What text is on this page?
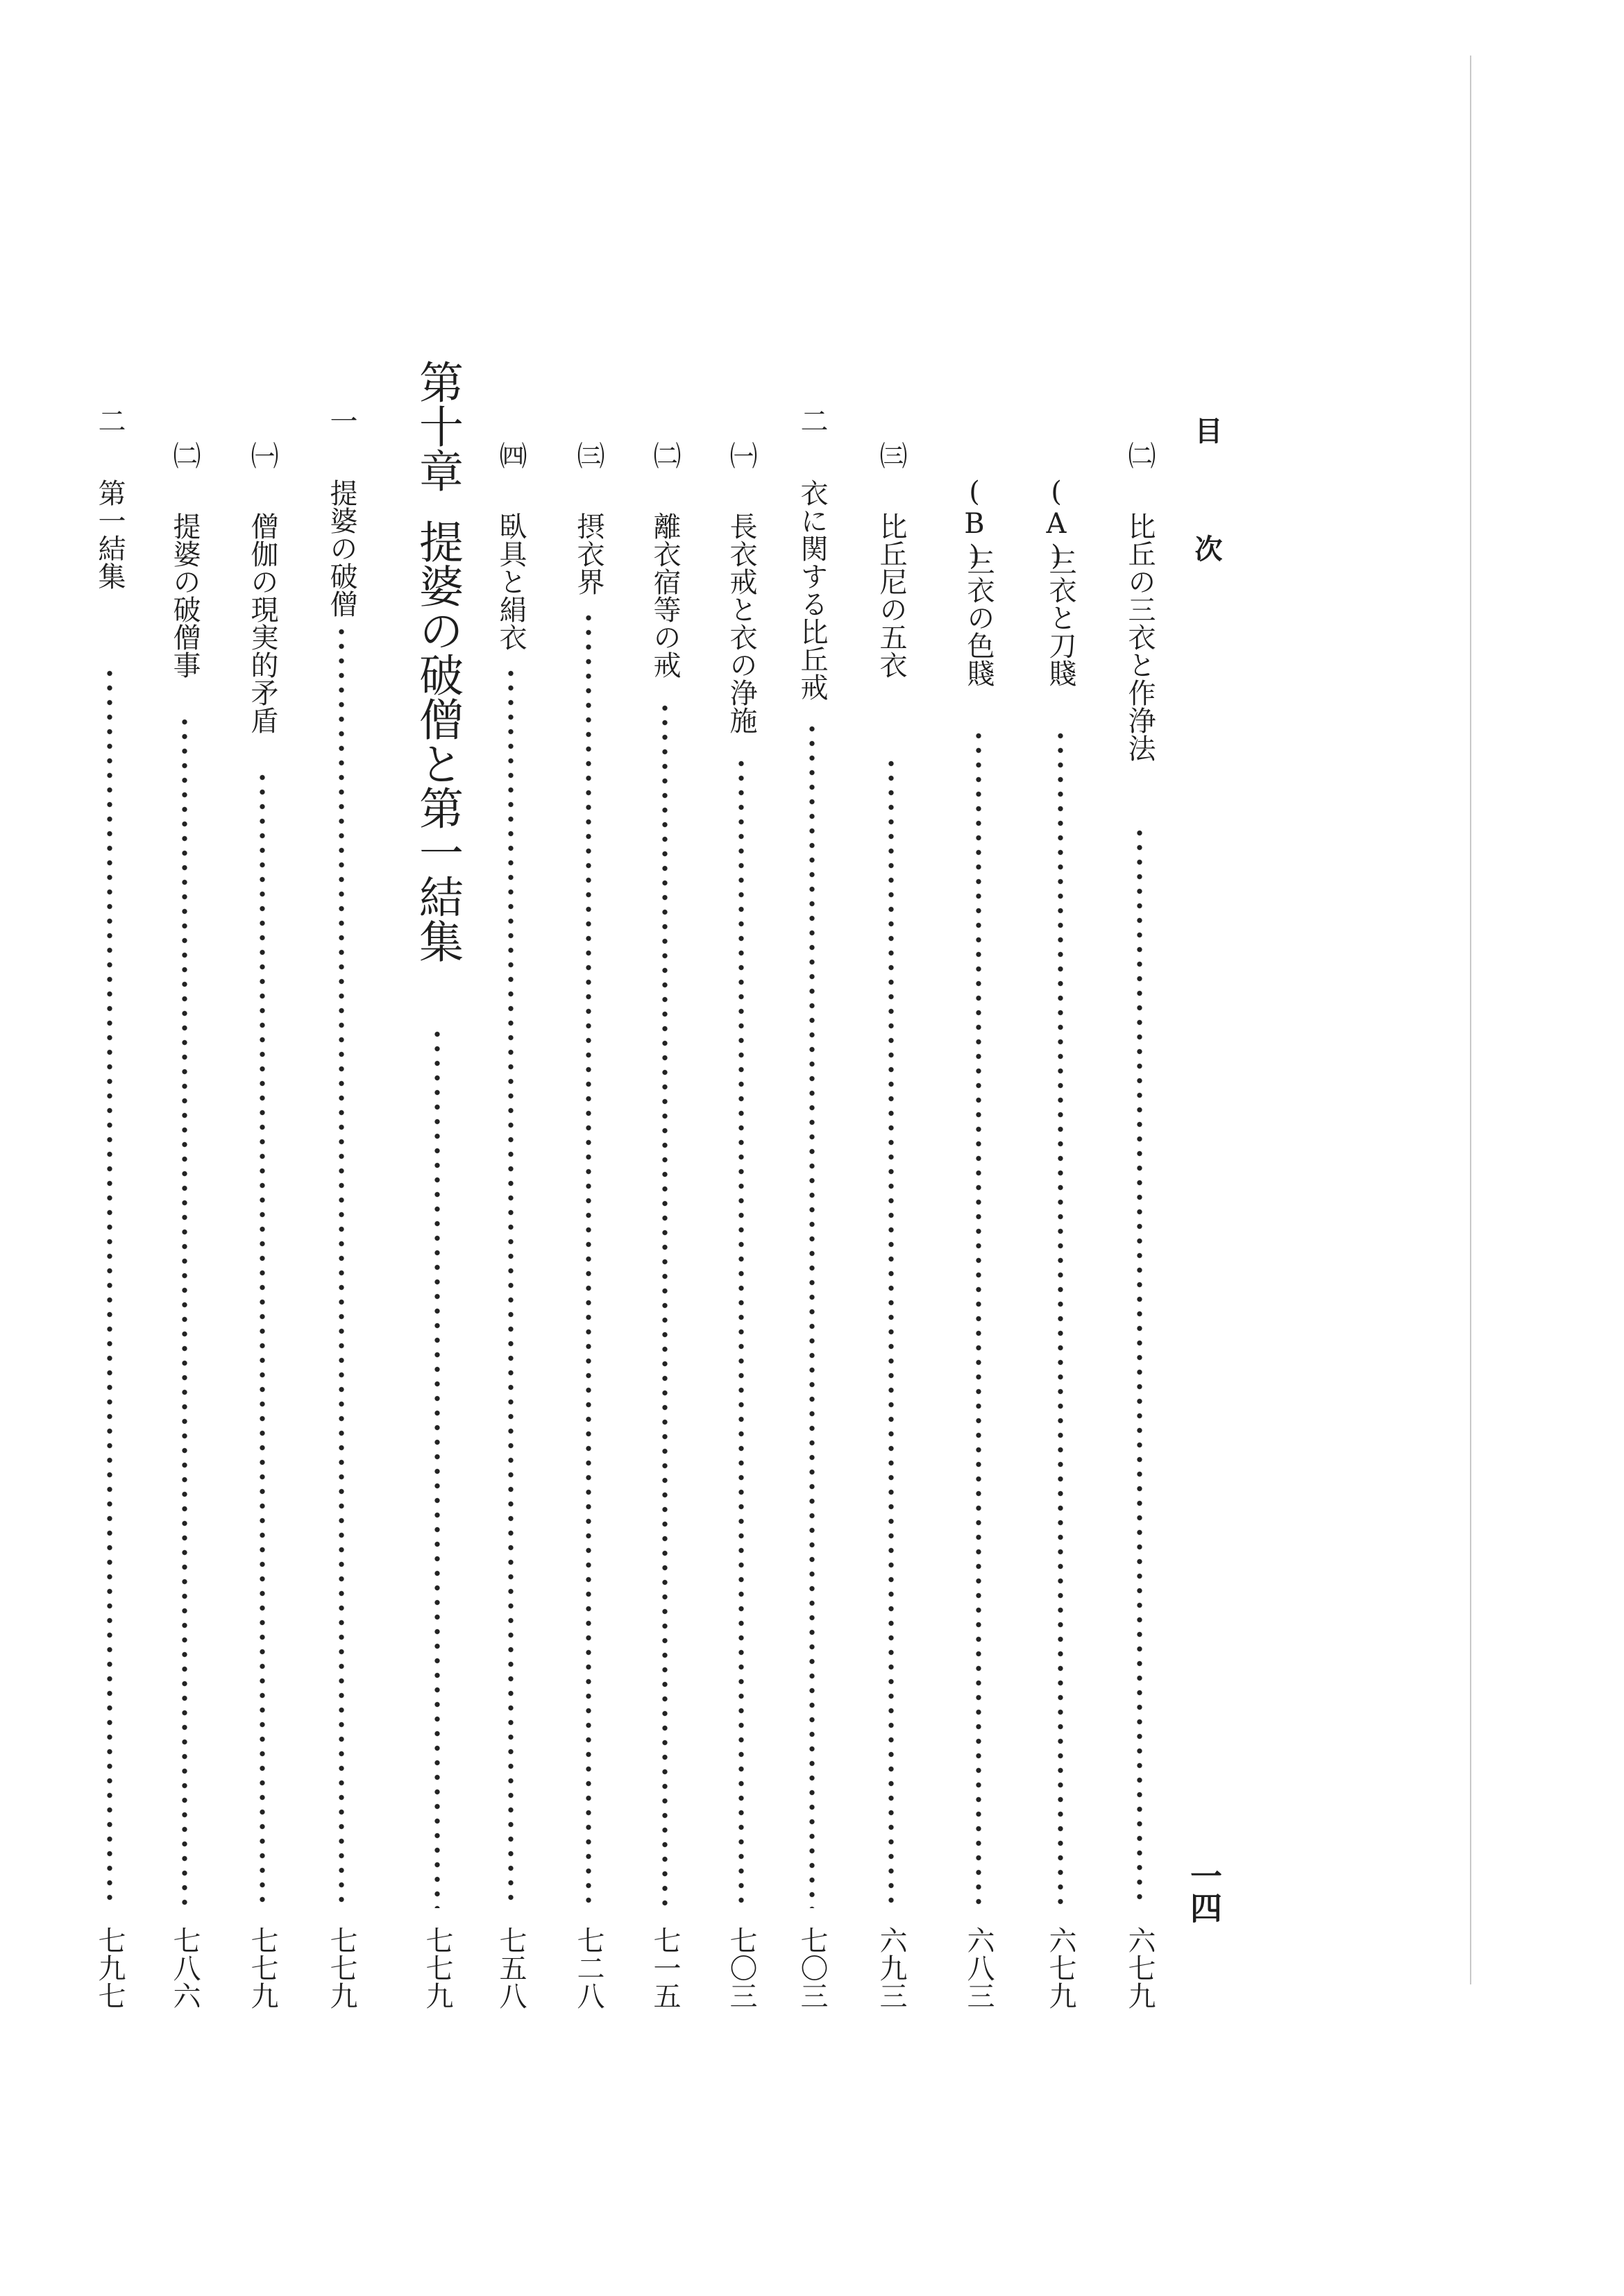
目
次
一四
㈡
比丘の三衣と作浄法
六七九
(A)
三衣と刀賤
六七九
(B)
三衣の色賤
六八三
㈢
比丘尼の五衣
六九三
二
衣に関する比丘戒
七〇三
㈠
長衣戒と衣の浄施
七〇三
㈡
離衣宿等の戒
七一五
㈢
摂衣界
七二八
㈣
臥具と絹衣
七五八
第十章
提婆の破僧と第一結集
七七九
一
提婆の破僧
七七九
㈠
僧伽の現実的矛盾
七七九
㈡
提婆の破僧事
七八六
二
第一結集
七九七
